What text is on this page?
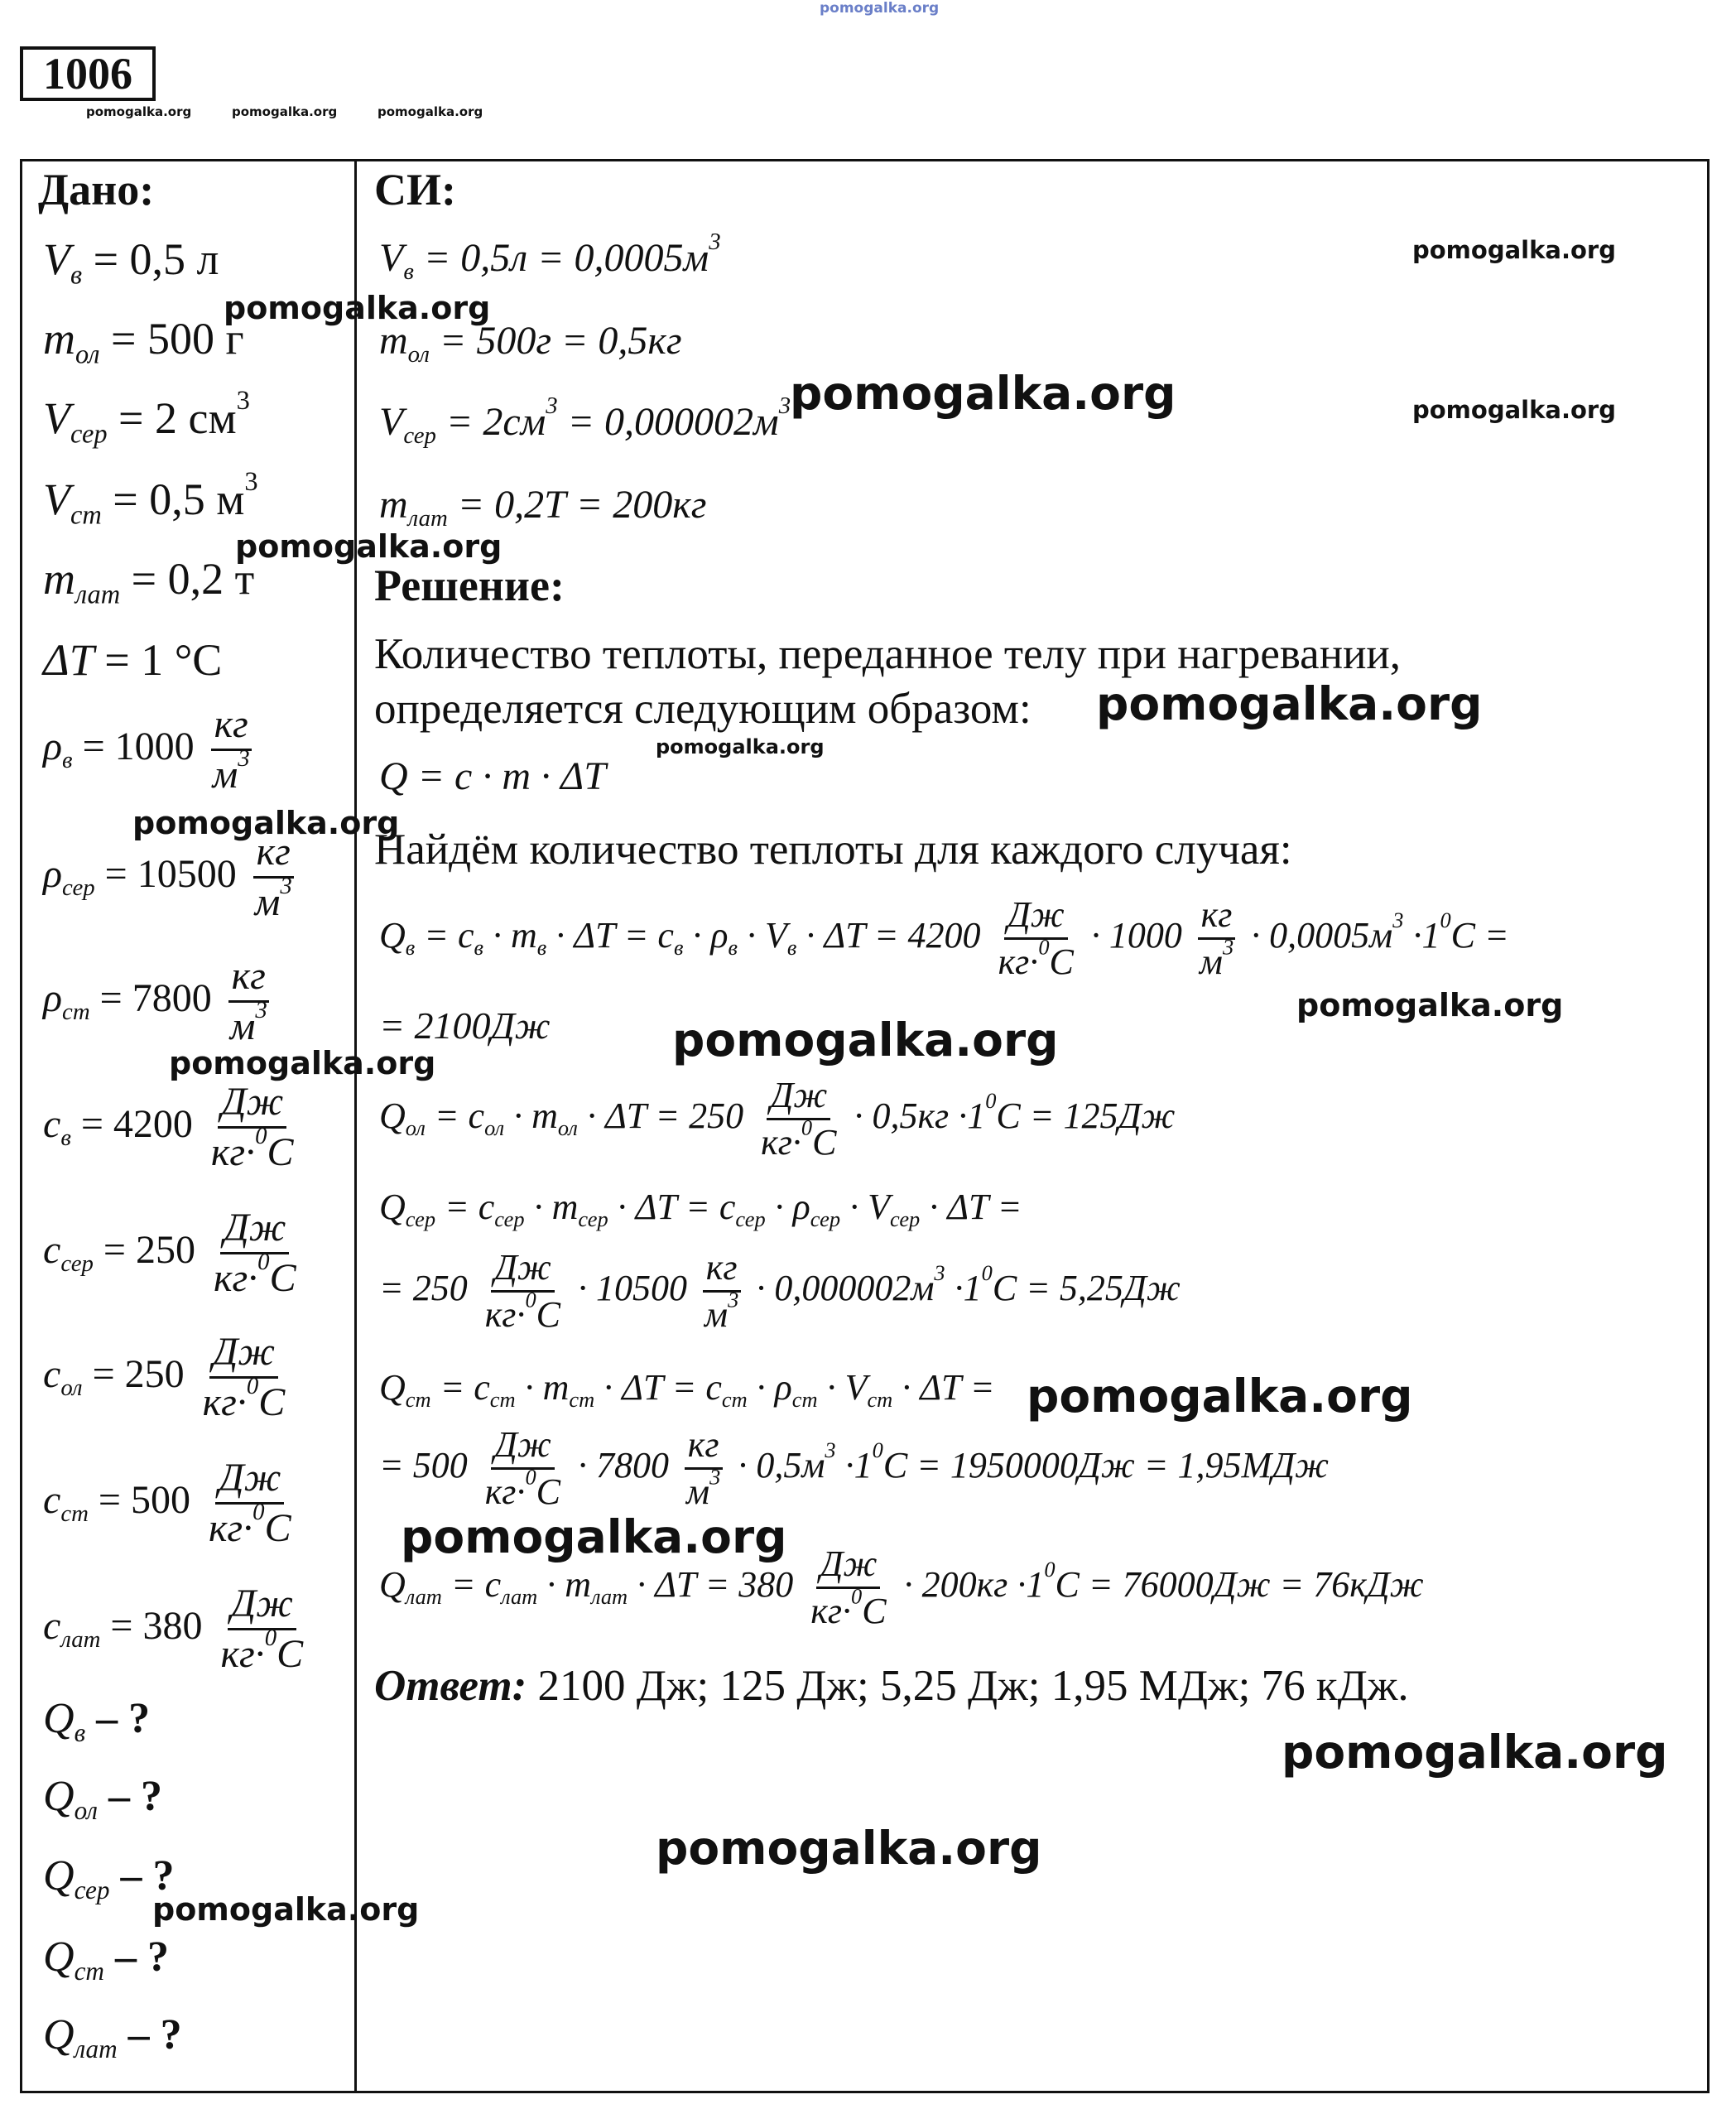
pomogalka.org
1006
pomogalka.org	pomogalka.org	pomogalka.org
Дано:
$V_в = 0,5$ л
$m_{ол} = 500$ г
$V_{сер} = 2$ $см^3$
$V_{ст} = 0,5$ $м^3$
$m_{лат} = 0,2$ т
ΔT = 1 °C
$\rho_в = 1000 \frac{кг}{м^3}$
$\rho_{сер} = 10500 \frac{кг}{м^3}$
$\rho_{ст} = 7800 \frac{кг}{м^3}$
$c_в = 4200 \frac{Дж}{кг\cdot^0C}$
$c_{сер} = 250 \frac{Дж}{кг\cdot^0C}$
$c_{ол} = 250 \frac{Дж}{кг\cdot^0C}$
$c_{ст} = 500 \frac{Дж}{кг\cdot^0C}$
$c_{лат} = 380 \frac{Дж}{кг\cdot^0C}$
$Q_в$ – ?
$Q_{ол}$ – ?
$Q_{сер}$ – ?
$Q_{ст}$ – ?
$Q_{лат}$ – ?
СИ:
$V_в = 0,5л = 0,0005м^3$
$m_{ол} = 500г = 0,5кг$
$V_{сер} = 2см^3 = 0,000002м^3$
$m_{лат} = 0,2Т = 200кг$
Решение:
Количество теплоты, переданное телу при нагревании,
определяется следующим образом:
Q = c · m · ΔT
Найдём количество теплоты для каждого случая:
$Q_в = c_в \cdot m_в \cdot \Delta T = c_в \cdot \rho_в \cdot V_в \cdot \Delta T = 4200 \frac{Дж}{кг\cdot^0C} \cdot 1000 \frac{кг}{м^3} \cdot 0,0005м^3 \cdot 1^0C$ =
= 2100Дж
$Q_{ол} = c_{ол} \cdot m_{ол} \cdot \Delta T = 250 \frac{Дж}{кг\cdot^0C} \cdot 0,5кг \cdot 1^0C = 125Дж$
$Q_{сер} = c_{сер} \cdot m_{сер} \cdot \Delta T = c_{сер} \cdot \rho_{сер} \cdot V_{сер} \cdot \Delta T$ =
= $250 \frac{Дж}{кг\cdot^0C} \cdot 10500 \frac{кг}{м^3} \cdot 0,000002м^3 \cdot 1^0C = 5,25Дж$
$Q_{ст} = c_{ст} \cdot m_{ст} \cdot \Delta T = c_{ст} \cdot \rho_{ст} \cdot V_{ст} \cdot \Delta T$ =
= $500 \frac{Дж}{кг\cdot^0C} \cdot 7800 \frac{кг}{м^3} \cdot 0,5м^3 \cdot 1^0C = 1950000Дж = 1,95МДж$
$Q_{лат} = c_{лат} \cdot m_{лат} \cdot \Delta T = 380 \frac{Дж}{кг\cdot^0C} \cdot 200кг \cdot 1^0C = 76000Дж = 76кДж$
Ответ: 2100 Дж; 125 Дж; 5,25 Дж; 1,95 МДж; 76 кДж.
pomogalka.org
pomogalka.org
pomogalka.org	pomogalka.org
pomogalka.org
pomogalka.org
pomogalka.org
pomogalka.org
pomogalka.org
pomogalka.org
pomogalka.org
pomogalka.org
pomogalka.org
pomogalka.org
pomogalka.org
pomogalka.org
